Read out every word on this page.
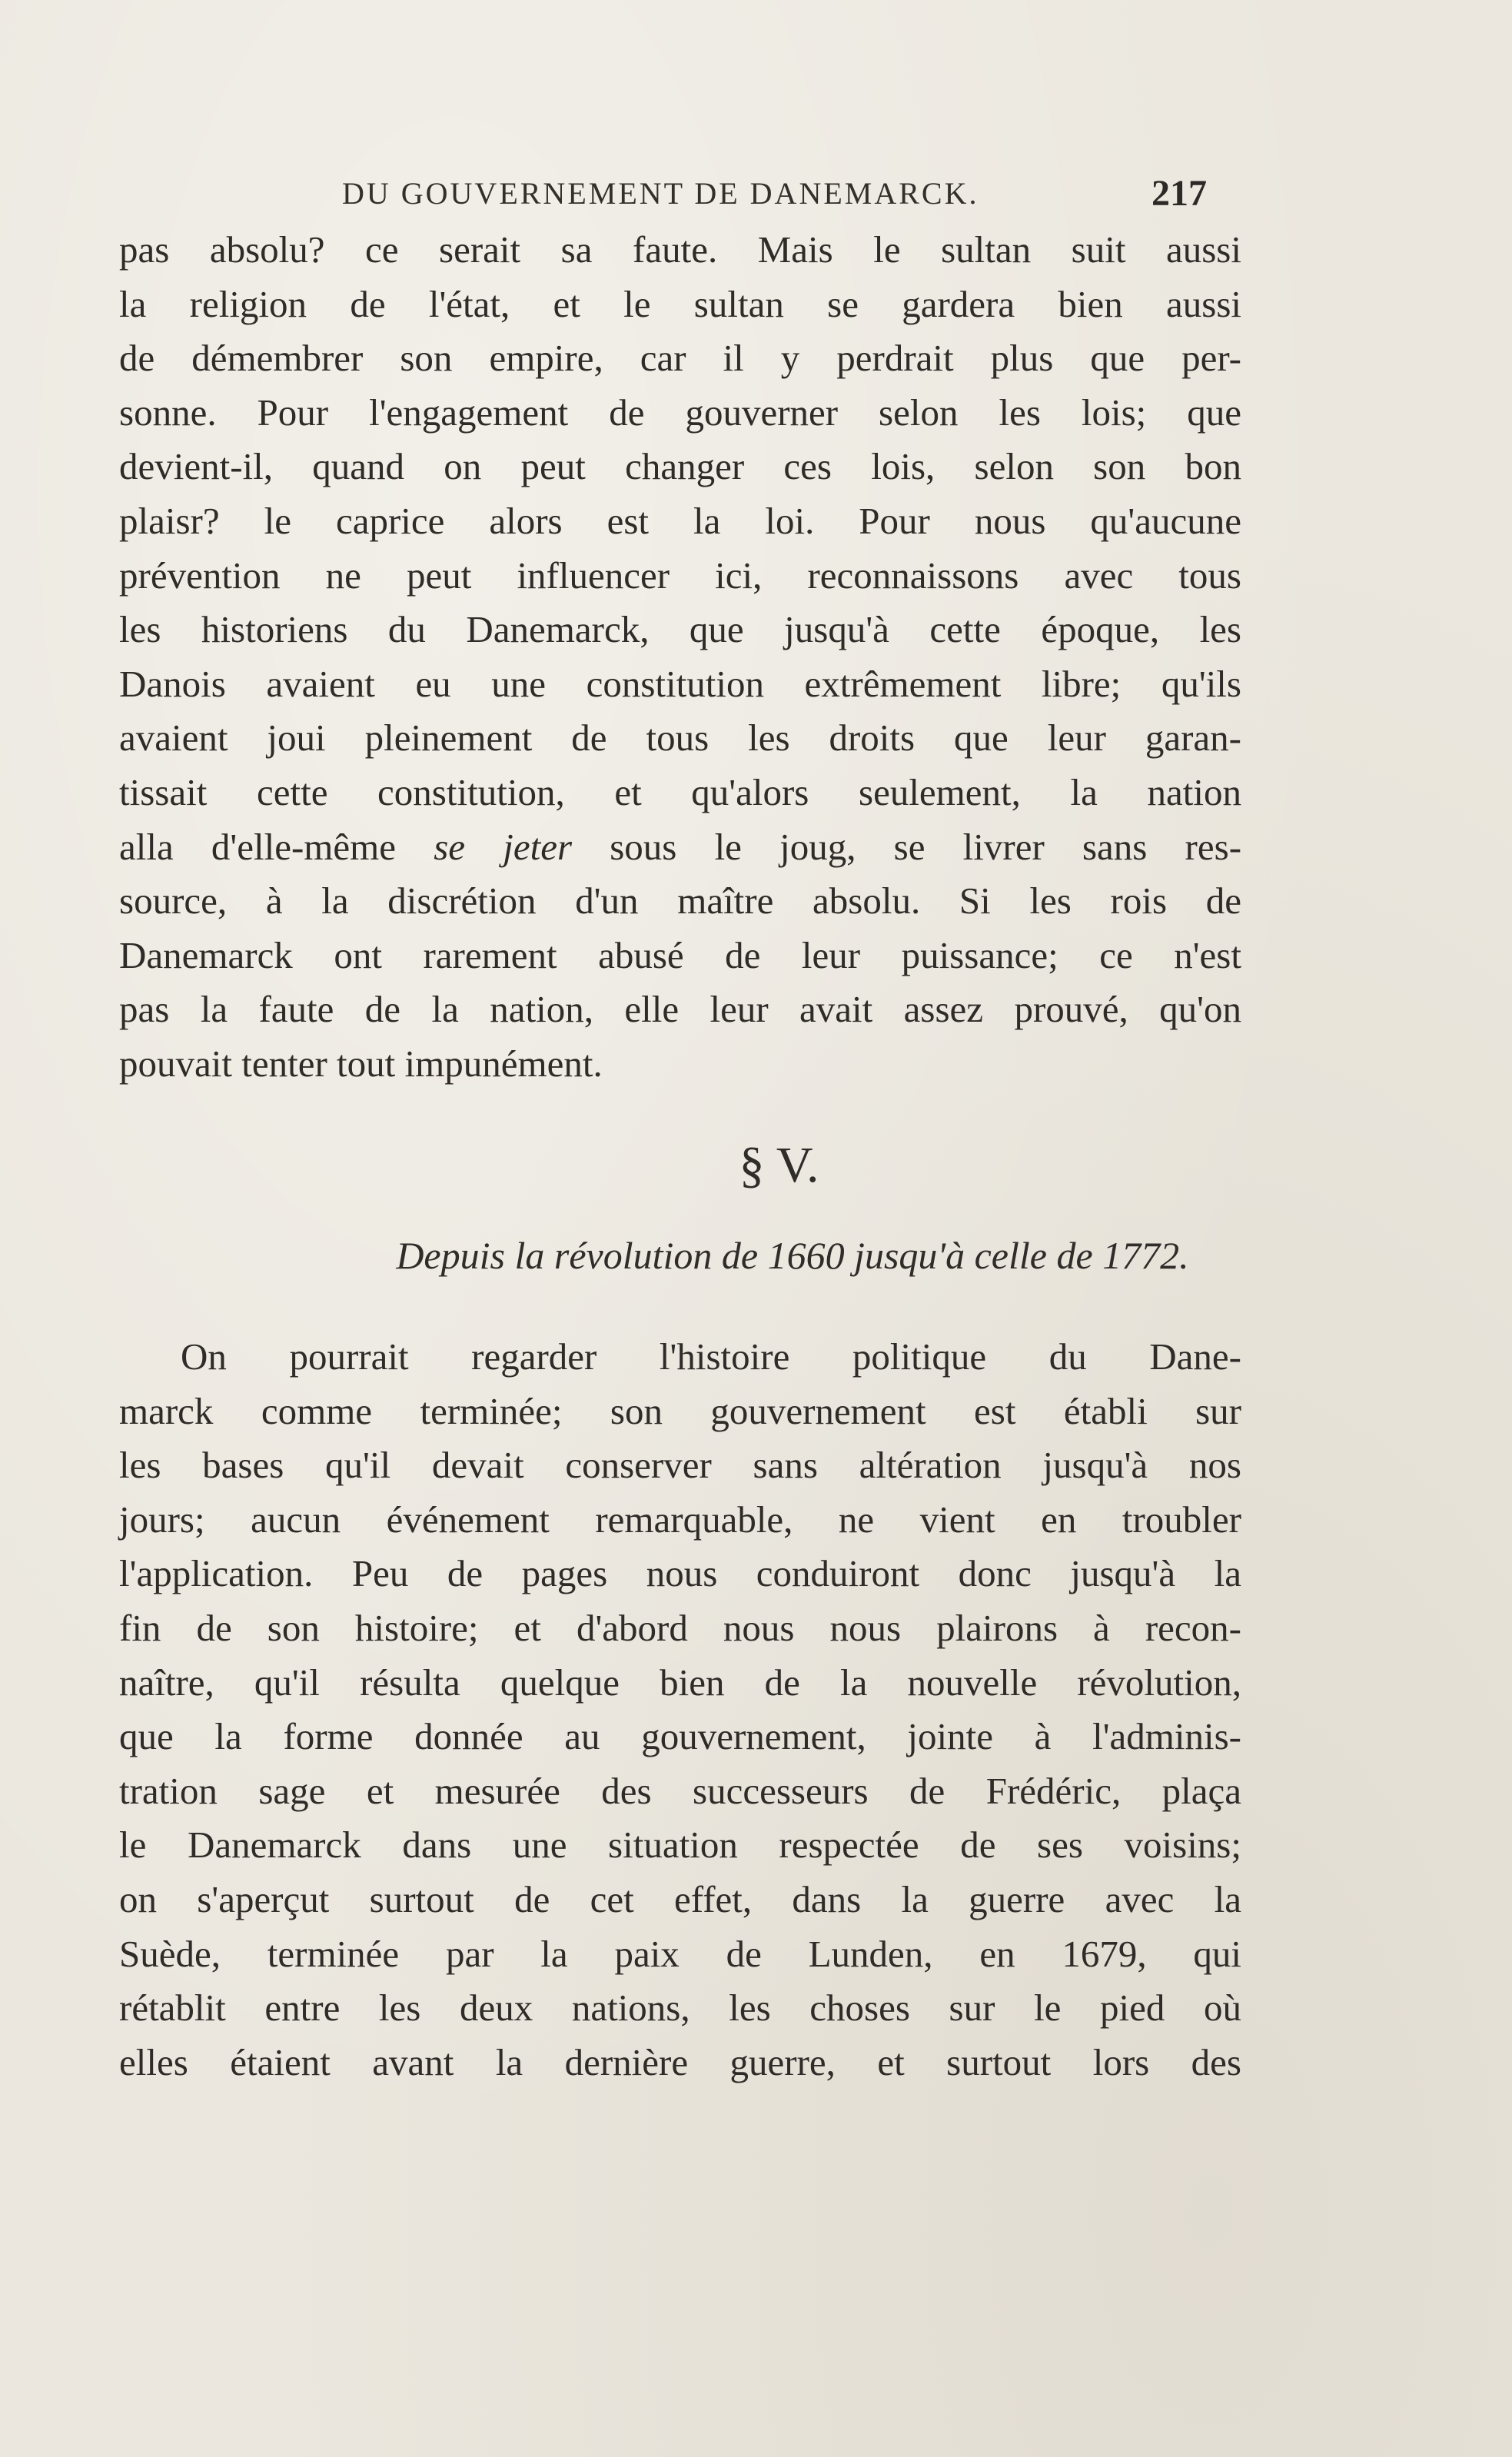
DU GOUVERNEMENT DE DANEMARCK.	217
pas absolu? ce serait sa faute. Mais le sultan suit aussi
la religion de l'état, et le sultan se gardera bien aussi
de démembrer son empire, car il y perdrait plus que per-
sonne. Pour l'engagement de gouverner selon les lois; que
devient-il, quand on peut changer ces lois, selon son bon
plaisr? le caprice alors est la loi. Pour nous qu'aucune
prévention ne peut influencer ici, reconnaissons avec tous
les historiens du Danemarck, que jusqu'à cette époque, les
Danois avaient eu une constitution extrêmement libre; qu'ils
avaient joui pleinement de tous les droits que leur garan-
tissait cette constitution, et qu'alors seulement, la nation
alla d'elle-même se jeter sous le joug, se livrer sans res-
source, à la discrétion d'un maître absolu. Si les rois de
Danemarck ont rarement abusé de leur puissance; ce n'est
pas la faute de la nation, elle leur avait assez prouvé, qu'on
pouvait tenter tout impunément.
§ V.
Depuis la révolution de 1660 jusqu'à celle de 1772.
On pourrait regarder l'histoire politique du Dane-
marck comme terminée; son gouvernement est établi sur
les bases qu'il devait conserver sans altération jusqu'à nos
jours; aucun événement remarquable, ne vient en troubler
l'application. Peu de pages nous conduiront donc jusqu'à la
fin de son histoire; et d'abord nous nous plairons à recon-
naître, qu'il résulta quelque bien de la nouvelle révolution,
que la forme donnée au gouvernement, jointe à l'adminis-
tration sage et mesurée des successeurs de Frédéric, plaça
le Danemarck dans une situation respectée de ses voisins;
on s'aperçut surtout de cet effet, dans la guerre avec la
Suède, terminée par la paix de Lunden, en 1679, qui
rétablit entre les deux nations, les choses sur le pied où
elles étaient avant la dernière guerre, et surtout lors des
